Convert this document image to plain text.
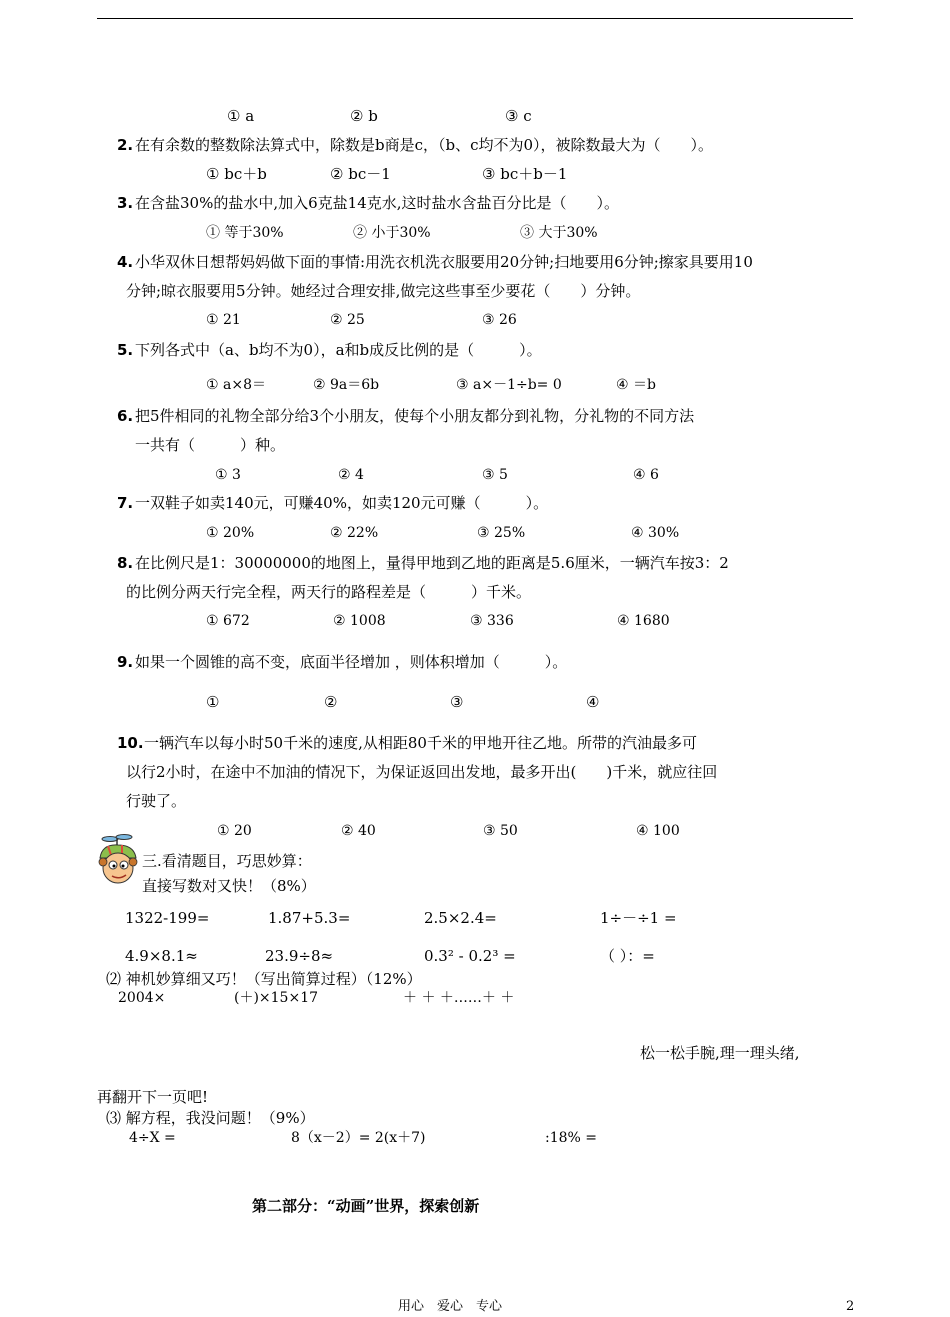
① a	② b	③ c
2. 在有余数的整数除法算式中，除数是b商是c，（b、c均不为0），被除数最大为（　　）。
① bc＋b	② bc－1	③ bc＋b－1
3. 在含盐30%的盐水中,加入6克盐14克水,这时盐水含盐百分比是（　　）。
① 等于30%	② 小于30%	③ 大于30%
4. 小华双休日想帮妈妈做下面的事情:用洗衣机洗衣服要用20分钟;扫地要用6分钟;擦家具要用10
分钟;晾衣服要用5分钟。她经过合理安排,做完这些事至少要花（　　）分钟。
① 21	② 25	③ 26
5. 下列各式中（a、b均不为0），a和b成反比例的是（　　　）。
① a×8＝	② 9a＝6b	③ a×－1÷b= 0	④ ＝b
6. 把5件相同的礼物全部分给3个小朋友，使每个小朋友都分到礼物，分礼物的不同方法
一共有（　　　）种。
① 3	② 4	③ 5	④ 6
7. 一双鞋子如卖140元，可赚40%，如卖120元可赚（　　　）。
① 20%	② 22%	③ 25%	④ 30%
8. 在比例尺是1：30000000的地图上，量得甲地到乙地的距离是5.6厘米，一辆汽车按3：2
的比例分两天行完全程，两天行的路程差是（　　　）千米。
① 672	② 1008	③ 336	④ 1680
9. 如果一个圆锥的高不变，底面半径增加 ，则体积增加（　　　）。
①	②	③	④
10. 一辆汽车以每小时50千米的速度,从相距80千米的甲地开往乙地。所带的汽油最多可
以行2小时，在途中不加油的情况下，为保证返回出发地，最多开出(　　)千米，就应往回
行驶了。
① 20	② 40	③ 50	④ 100
三.看清题目，巧思妙算：
直接写数对又快！（8%）
1322-199=	1.87+5.3=	2.5×2.4=	1÷－÷1 =
4.9×8.1≈	23.9÷8≈	0.3² - 0.2³ =	（ ）：=
⑵ 神机妙算细又巧！（写出简算过程）（12%）
2004×	(＋)×15×17	＋ ＋ ＋……＋ ＋
松一松手腕,理一理头绪,
再翻开下一页吧!
⑶ 解方程，我没问题！（9%）
4÷X =	8（x－2）= 2(x＋7)	:18% =
第二部分：“动画”世界，探索创新
用心　爱心　专心	2
